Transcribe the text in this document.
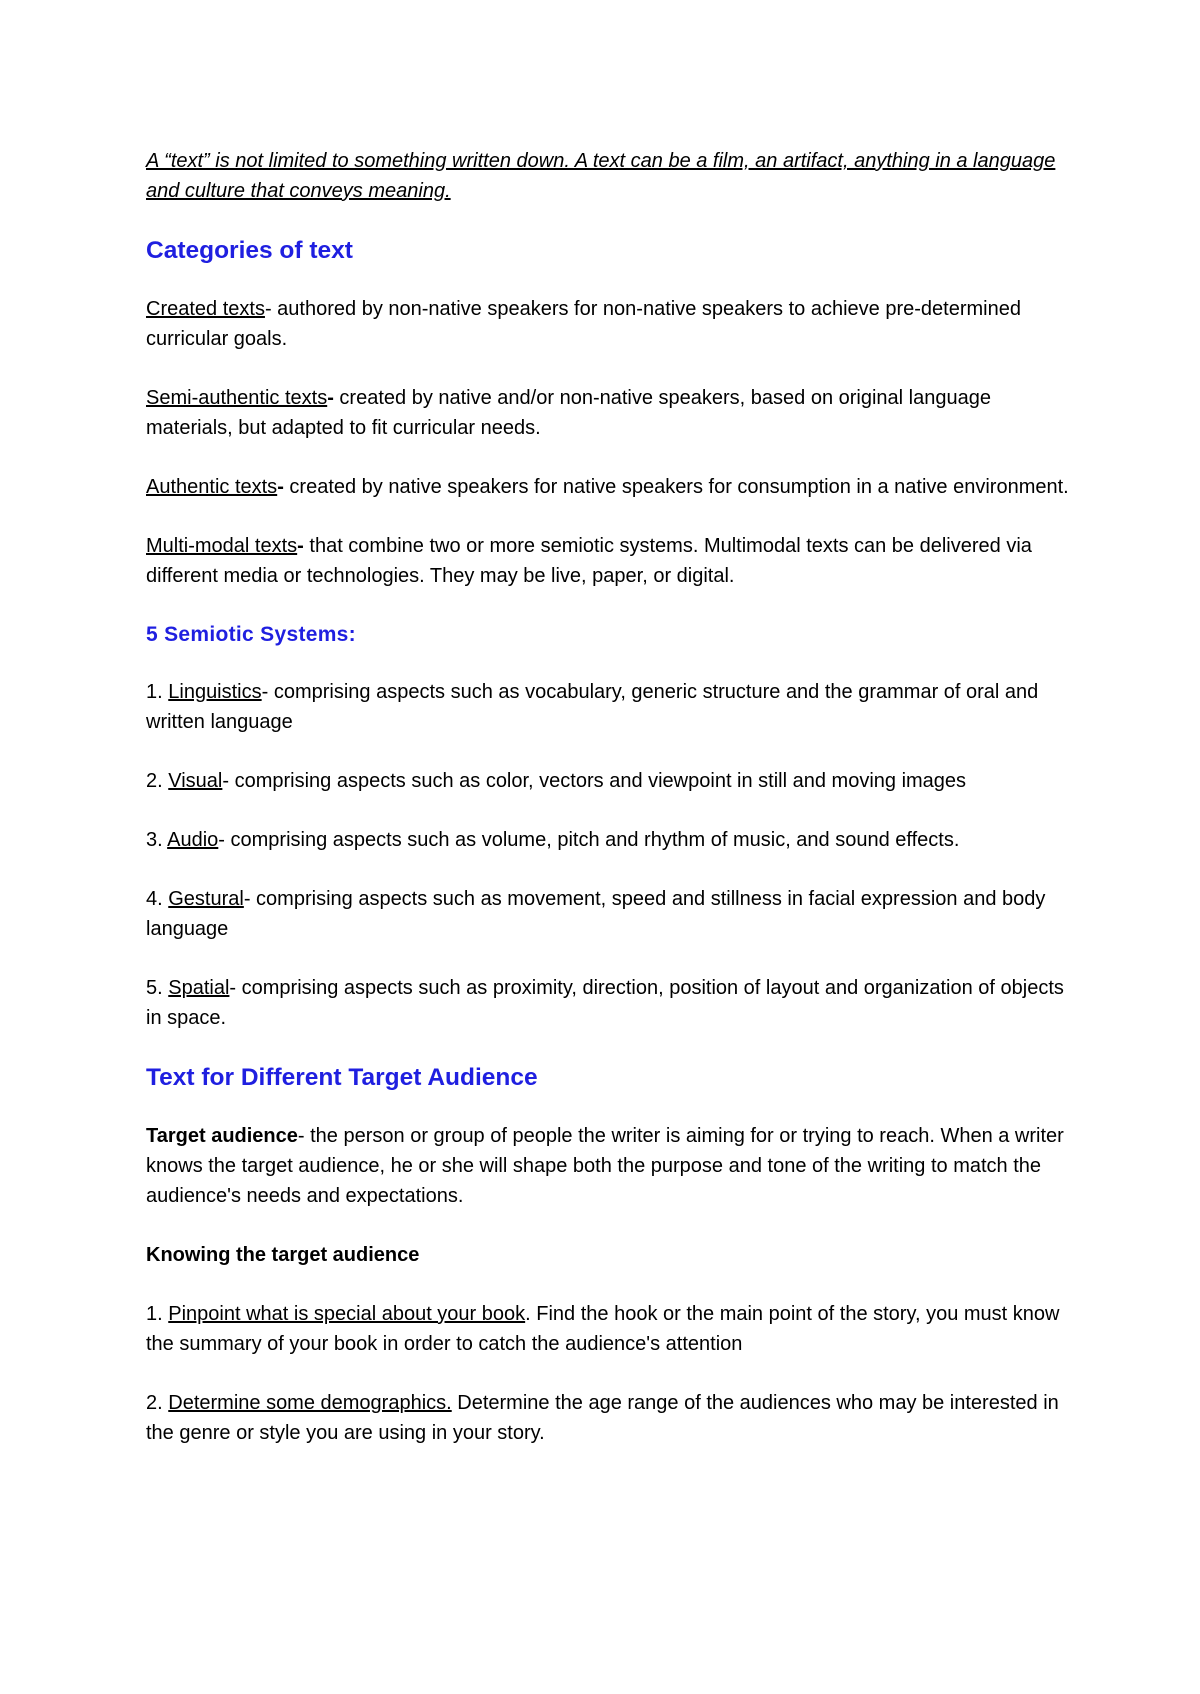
A “text” is not limited to something written down. A text can be a film, an artifact, anything in a language and culture that conveys meaning.

Categories of text

Created texts- authored by non-native speakers for non-native speakers to achieve pre-determined curricular goals.

Semi-authentic texts- created by native and/or non-native speakers, based on original language materials, but adapted to fit curricular needs.

Authentic texts- created by native speakers for native speakers for consumption in a native environment.

Multi-modal texts- that combine two or more semiotic systems. Multimodal texts can be delivered via different media or technologies. They may be live, paper, or digital.

5 Semiotic Systems:

1. Linguistics- comprising aspects such as vocabulary, generic structure and the grammar of oral and written language

2. Visual- comprising aspects such as color, vectors and viewpoint in still and moving images

3. Audio- comprising aspects such as volume, pitch and rhythm of music, and sound effects.

4. Gestural- comprising aspects such as movement, speed and stillness in facial expression and body language

5. Spatial- comprising aspects such as proximity, direction, position of layout and organization of objects in space.

Text for Different Target Audience

Target audience- the person or group of people the writer is aiming for or trying to reach. When a writer knows the target audience, he or she will shape both the purpose and tone of the writing to match the audience's needs and expectations.

Knowing the target audience

1. Pinpoint what is special about your book. Find the hook or the main point of the story, you must know the summary of your book in order to catch the audience's attention

2. Determine some demographics. Determine the age range of the audiences who may be interested in the genre or style you are using in your story.
